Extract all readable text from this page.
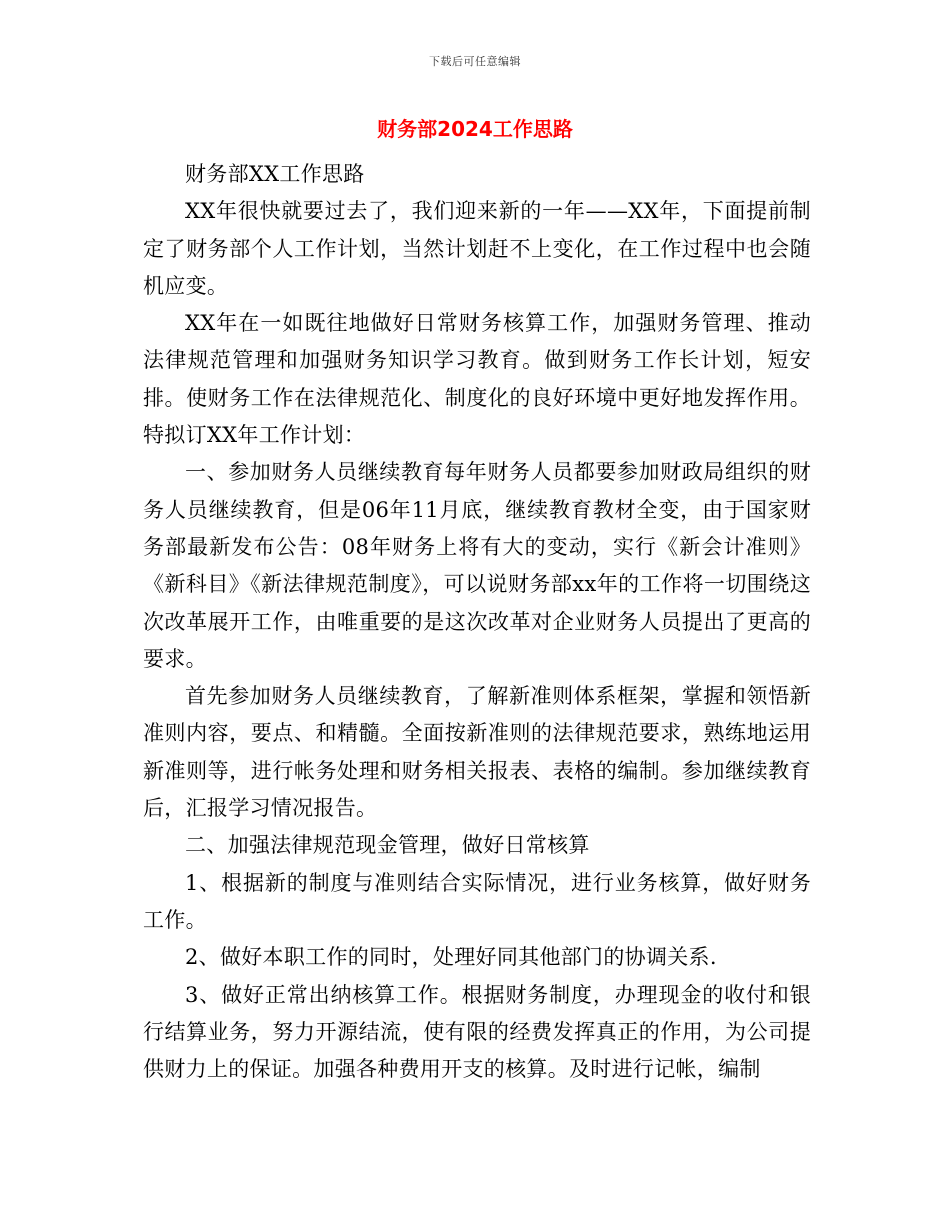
下载后可任意编辑
财务部2024工作思路

财务部XX工作思路

XX年很快就要过去了，我们迎来新的一年——XX年，下面提前制定了财务部个人工作计划，当然计划赶不上变化，在工作过程中也会随机应变。

XX年在一如既往地做好日常财务核算工作，加强财务管理、推动法律规范管理和加强财务知识学习教育。做到财务工作长计划，短安排。使财务工作在法律规范化、制度化的良好环境中更好地发挥作用。特拟订XX年工作计划：

一、参加财务人员继续教育每年财务人员都要参加财政局组织的财务人员继续教育，但是06年11月底，继续教育教材全变，由于国家财务部最新发布公告：08年财务上将有大的变动，实行《新会计准则》《新科目》《新法律规范制度》，可以说财务部xx年的工作将一切围绕这次改革展开工作，由唯重要的是这次改革对企业财务人员提出了更高的要求。

首先参加财务人员继续教育，了解新准则体系框架，掌握和领悟新准则内容，要点、和精髓。全面按新准则的法律规范要求，熟练地运用新准则等，进行帐务处理和财务相关报表、表格的编制。参加继续教育后，汇报学习情况报告。

二、加强法律规范现金管理，做好日常核算

1、根据新的制度与准则结合实际情况，进行业务核算，做好财务工作。

2、做好本职工作的同时，处理好同其他部门的协调关系.

3、做好正常出纳核算工作。根据财务制度，办理现金的收付和银行结算业务，努力开源结流，使有限的经费发挥真正的作用，为公司提供财力上的保证。加强各种费用开支的核算。及时进行记帐，编制
